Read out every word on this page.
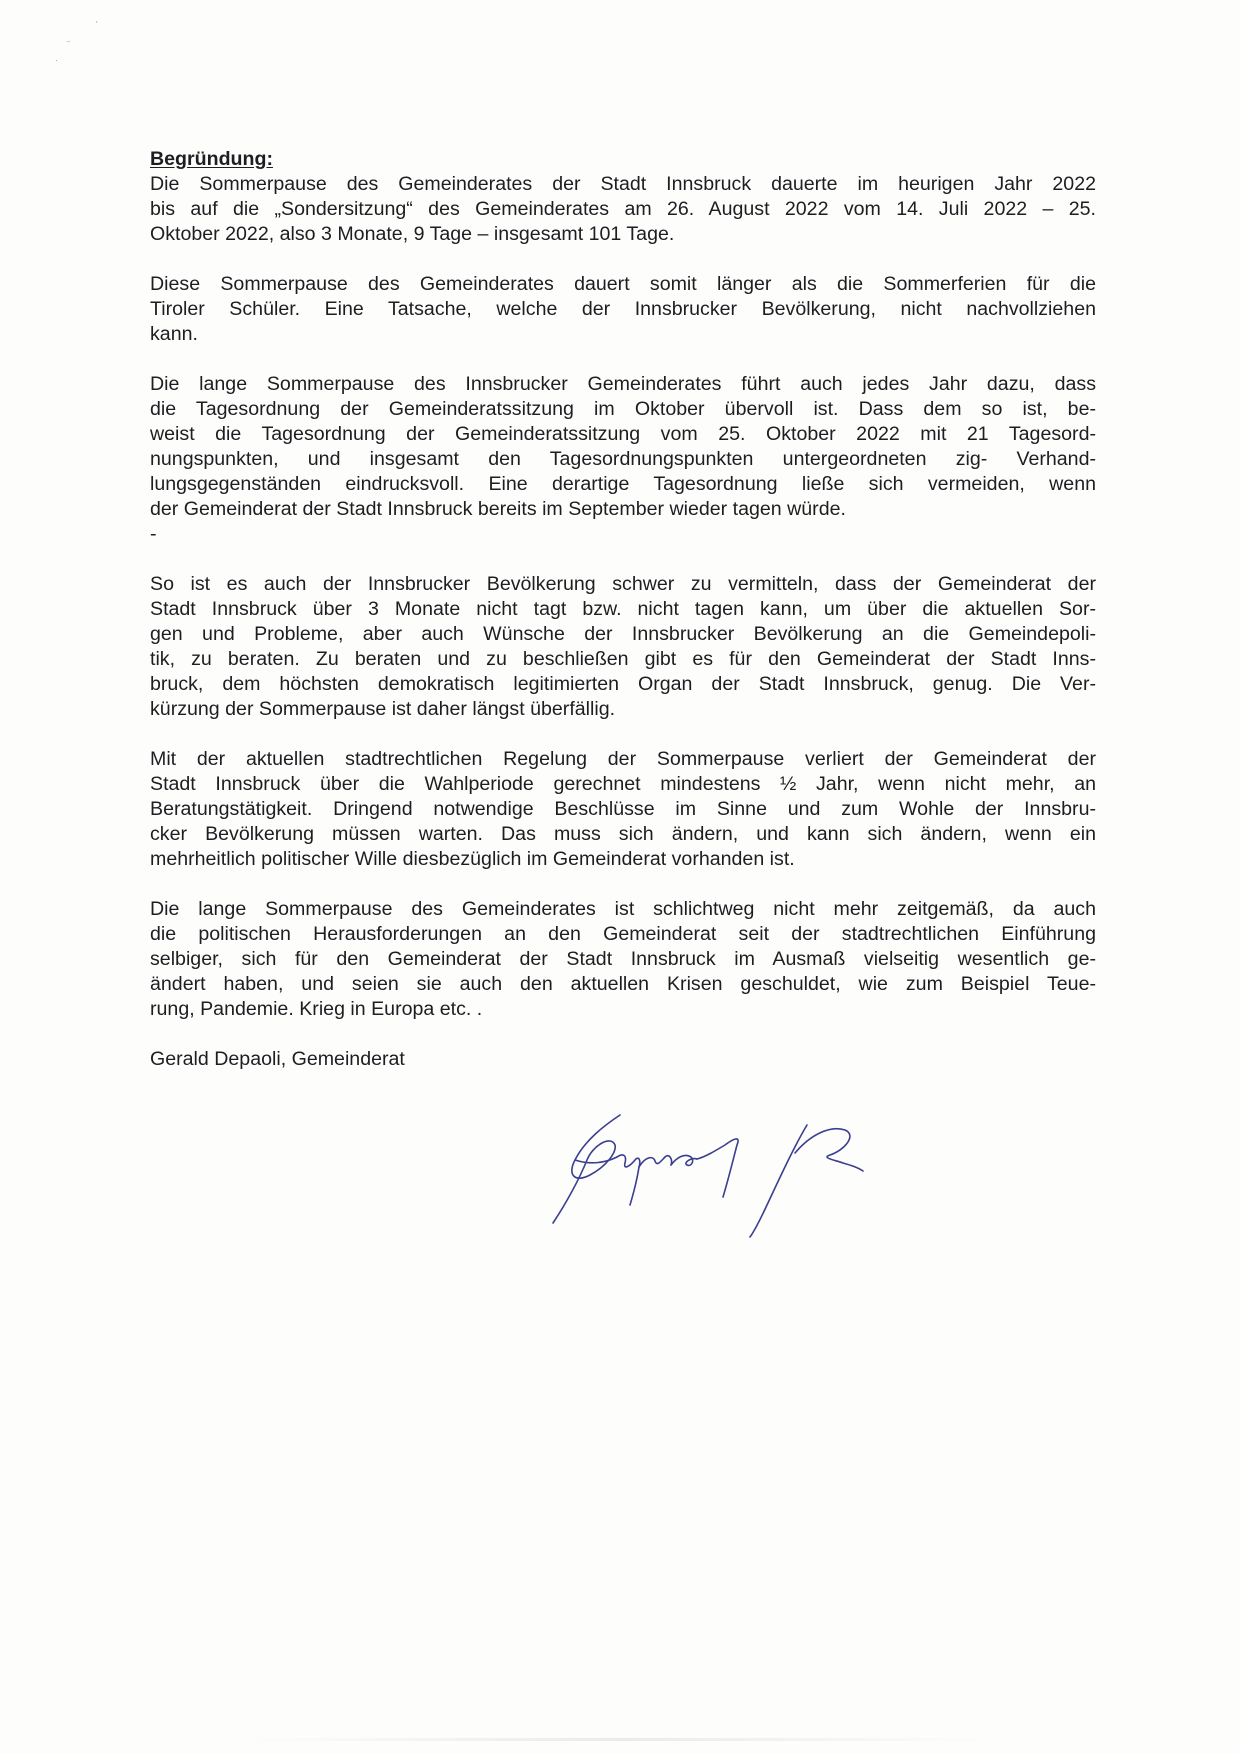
'
⁻
·
Begründung:
Die Sommerpause des Gemeinderates der Stadt Innsbruck dauerte im heurigen Jahr 2022
bis auf die „Sondersitzung“ des Gemeinderates am 26. August 2022 vom 14. Juli 2022 – 25.
Oktober 2022, also 3 Monate, 9 Tage – insgesamt 101 Tage.
Diese Sommerpause des Gemeinderates dauert somit länger als die Sommerferien für die
Tiroler Schüler. Eine Tatsache, welche der Innsbrucker Bevölkerung, nicht nachvollziehen
kann.
Die lange Sommerpause des Innsbrucker Gemeinderates führt auch jedes Jahr dazu, dass
die Tagesordnung der Gemeinderatssitzung im Oktober übervoll ist. Dass dem so ist, be-
weist die Tagesordnung der Gemeinderatssitzung vom 25. Oktober 2022 mit 21 Tagesord-
nungspunkten, und insgesamt den Tagesordnungspunkten untergeordneten zig- Verhand-
lungsgegenständen eindrucksvoll. Eine derartige Tagesordnung ließe sich vermeiden, wenn
der Gemeinderat der Stadt Innsbruck bereits im September wieder tagen würde.
-
So ist es auch der Innsbrucker Bevölkerung schwer zu vermitteln, dass der Gemeinderat der
Stadt Innsbruck über 3 Monate nicht tagt bzw. nicht tagen kann, um über die aktuellen Sor-
gen und Probleme, aber auch Wünsche der Innsbrucker Bevölkerung an die Gemeindepoli-
tik, zu beraten. Zu beraten und zu beschließen gibt es für den Gemeinderat der Stadt Inns-
bruck, dem höchsten demokratisch legitimierten Organ der Stadt Innsbruck, genug. Die Ver-
kürzung der Sommerpause ist daher längst überfällig.
Mit der aktuellen stadtrechtlichen Regelung der Sommerpause verliert der Gemeinderat der
Stadt Innsbruck über die Wahlperiode gerechnet mindestens ½ Jahr, wenn nicht mehr, an
Beratungstätigkeit. Dringend notwendige Beschlüsse im Sinne und zum Wohle der Innsbru-
cker Bevölkerung müssen warten. Das muss sich ändern, und kann sich ändern, wenn ein
mehrheitlich politischer Wille diesbezüglich im Gemeinderat vorhanden ist.
Die lange Sommerpause des Gemeinderates ist schlichtweg nicht mehr zeitgemäß, da auch
die politischen Herausforderungen an den Gemeinderat seit der stadtrechtlichen Einführung
selbiger, sich für den Gemeinderat der Stadt Innsbruck im Ausmaß vielseitig wesentlich ge-
ändert haben, und seien sie auch den aktuellen Krisen geschuldet, wie zum Beispiel Teue-
rung, Pandemie. Krieg in Europa etc. .

Gerald Depaoli, Gemeinderat
